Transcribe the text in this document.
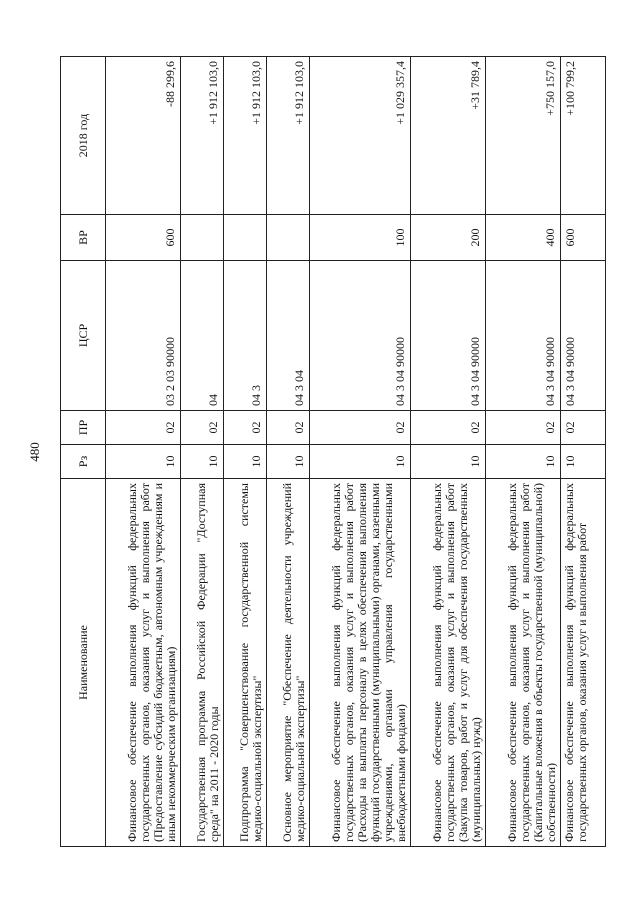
480
Наименование	Рз	ПР	ЦСР	ВР	2018 год
Финансовое обеспечение выполнения функций федеральных государственных органов, оказания услуг и выполнения работ (Предоставление субсидий бюджетным, автономным учреждениям и иным некоммерческим организациям)	10	02	03 2 03 90000	600	-88 299,6
Государственная программа Российской Федерации "Доступная среда" на 2011 - 2020 годы	10	02	04		+1 912 103,0
Подпрограмма "Совершенствование государственной системы медико-социальной экспертизы"	10	02	04 3		+1 912 103,0
Основное мероприятие "Обеспечение деятельности учреждений медико-социальной экспертизы"	10	02	04 3 04		+1 912 103,0
Финансовое обеспечение выполнения функций федеральных государственных органов, оказания услуг и выполнения работ (Расходы на выплаты персоналу в целях обеспечения выполнения функций государственными (муниципальными) органами, казенными учреждениями, органами управления государственными внебюджетными фондами)	10	02	04 3 04 90000	100	+1 029 357,4
Финансовое обеспечение выполнения функций федеральных государственных органов, оказания услуг и выполнения работ (Закупка товаров, работ и услуг для обеспечения государственных (муниципальных) нужд)	10	02	04 3 04 90000	200	+31 789,4
Финансовое обеспечение выполнения функций федеральных государственных органов, оказания услуг и выполнения работ (Капитальные вложения в объекты государственной (муниципальной) собственности)	10	02	04 3 04 90000	400	+750 157,0
Финансовое обеспечение выполнения функций федеральных государственных органов, оказания услуг и выполнения работ	10	02	04 3 04 90000	600	+100 799,2
